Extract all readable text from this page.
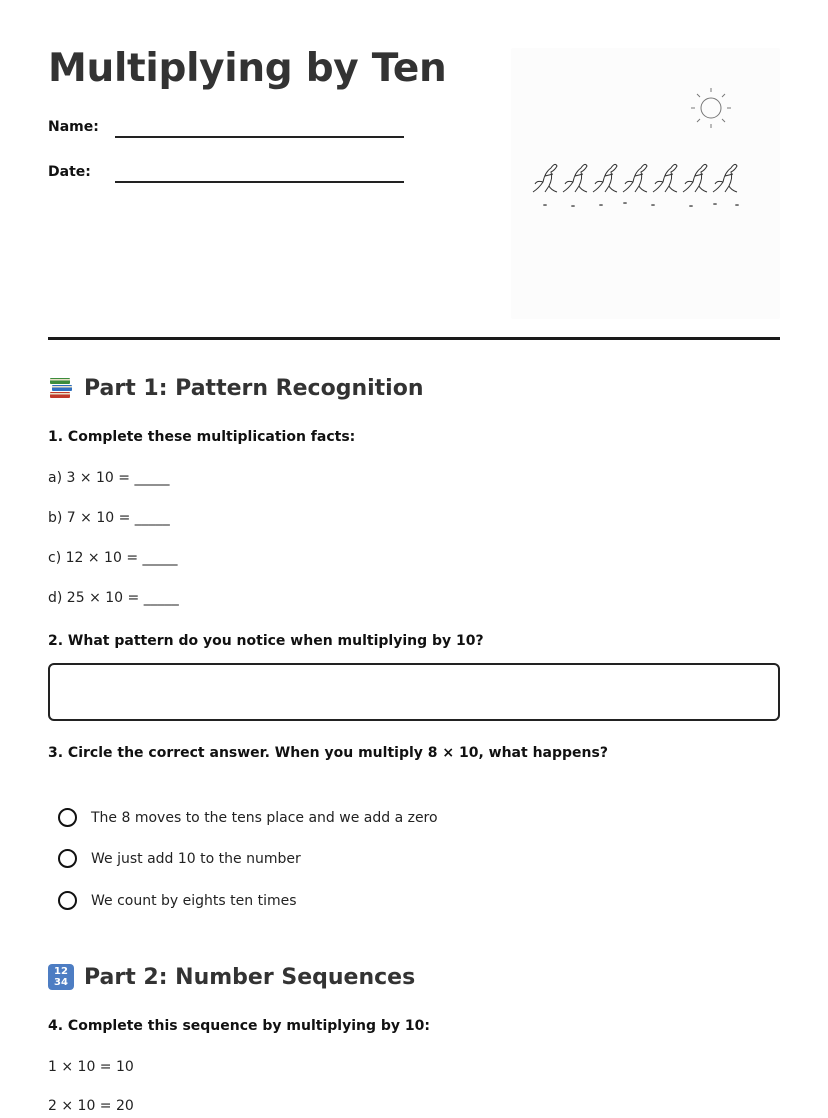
Multiplying by Ten
Name:
Date:
Part 1: Pattern Recognition
1. Complete these multiplication facts:
a) 3 × 10 = _____
b) 7 × 10 = _____
c) 12 × 10 = _____
d) 25 × 10 = _____
2. What pattern do you notice when multiplying by 10?
3. Circle the correct answer. When you multiply 8 × 10, what happens?
The 8 moves to the tens place and we add a zero
We just add 10 to the number
We count by eights ten times
12
34 Part 2: Number Sequences
4. Complete this sequence by multiplying by 10:
1 × 10 = 10
2 × 10 = 20
